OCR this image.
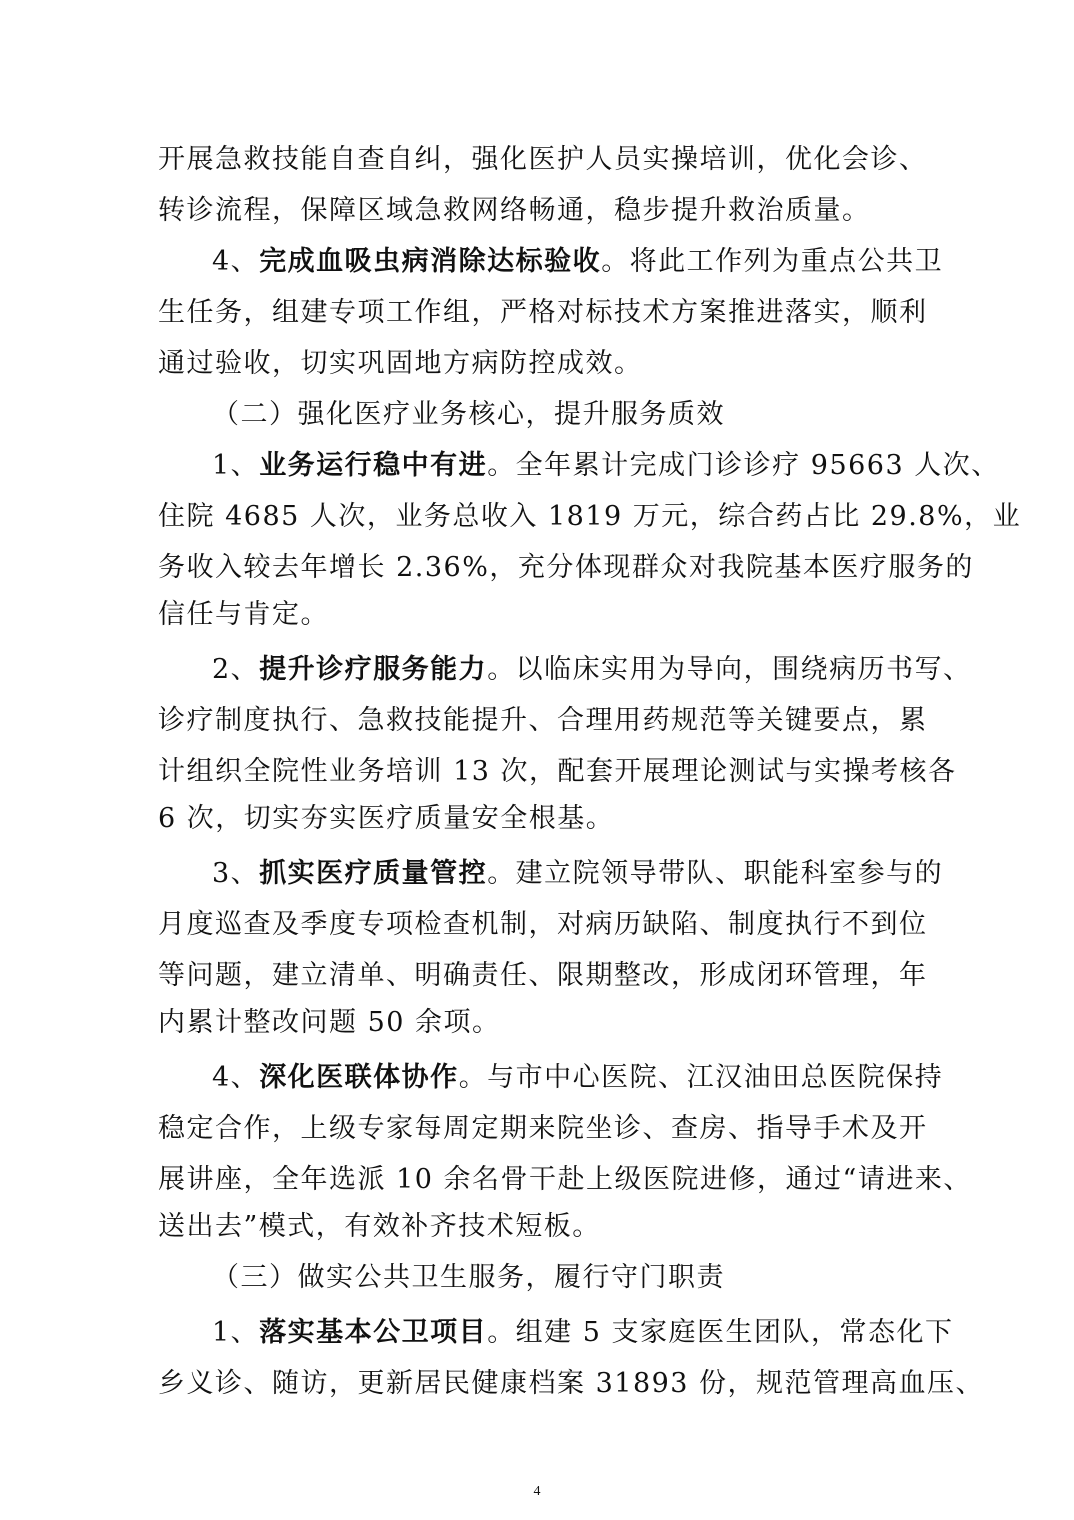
开展急救技能自查自纠，强化医护人员实操培训，优化会诊、
转诊流程，保障区域急救网络畅通，稳步提升救治质量。
4、完成血吸虫病消除达标验收。将此工作列为重点公共卫
生任务，组建专项工作组，严格对标技术方案推进落实，顺利
通过验收，切实巩固地方病防控成效。
（二）强化医疗业务核心，提升服务质效
1、业务运行稳中有进。全年累计完成门诊诊疗 95663 人次、
住院 4685 人次，业务总收入 1819 万元，综合药占比 29.8%，业
务收入较去年增长 2.36%，充分体现群众对我院基本医疗服务的
信任与肯定。
2、提升诊疗服务能力。以临床实用为导向，围绕病历书写、
诊疗制度执行、急救技能提升、合理用药规范等关键要点，累
计组织全院性业务培训 13 次，配套开展理论测试与实操考核各
6 次，切实夯实医疗质量安全根基。
3、抓实医疗质量管控。建立院领导带队、职能科室参与的
月度巡查及季度专项检查机制，对病历缺陷、制度执行不到位
等问题，建立清单、明确责任、限期整改，形成闭环管理，年
内累计整改问题 50 余项。
4、深化医联体协作。与市中心医院、江汉油田总医院保持
稳定合作，上级专家每周定期来院坐诊、查房、指导手术及开
展讲座，全年选派 10 余名骨干赴上级医院进修，通过“请进来、
送出去”模式，有效补齐技术短板。
（三）做实公共卫生服务，履行守门职责
1、落实基本公卫项目。组建 5 支家庭医生团队，常态化下
乡义诊、随访，更新居民健康档案 31893 份，规范管理高血压、
4
